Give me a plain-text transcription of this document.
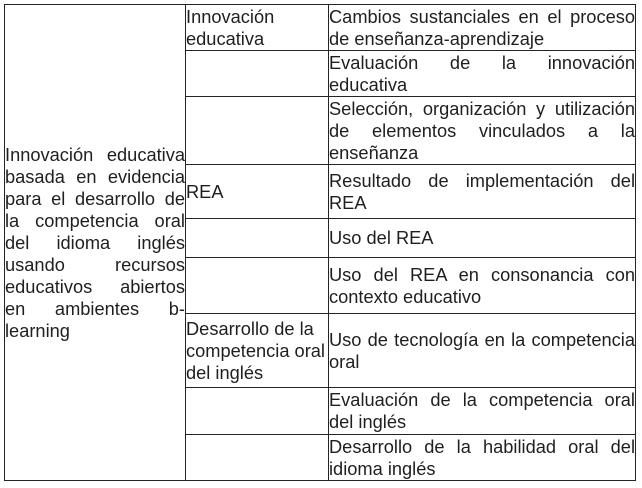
Innovación educativa basada en evidencia para el desarrollo de la competencia oral del idioma inglés usando recursos educativos abiertos en ambientes b-learning	Innovación educativa	Cambios sustanciales en el proceso de enseñanza-aprendizaje
		Evaluación de la innovación educativa
		Selección, organización y utilización de elementos vinculados a la enseñanza
	REA	Resultado de implementación del REA
		Uso del REA
		Uso del REA en consonancia con contexto educativo
	Desarrollo de la competencia oral del inglés	Uso de tecnología en la competencia oral
		Evaluación de la competencia oral del inglés
		Desarrollo de la habilidad oral del idioma inglés
